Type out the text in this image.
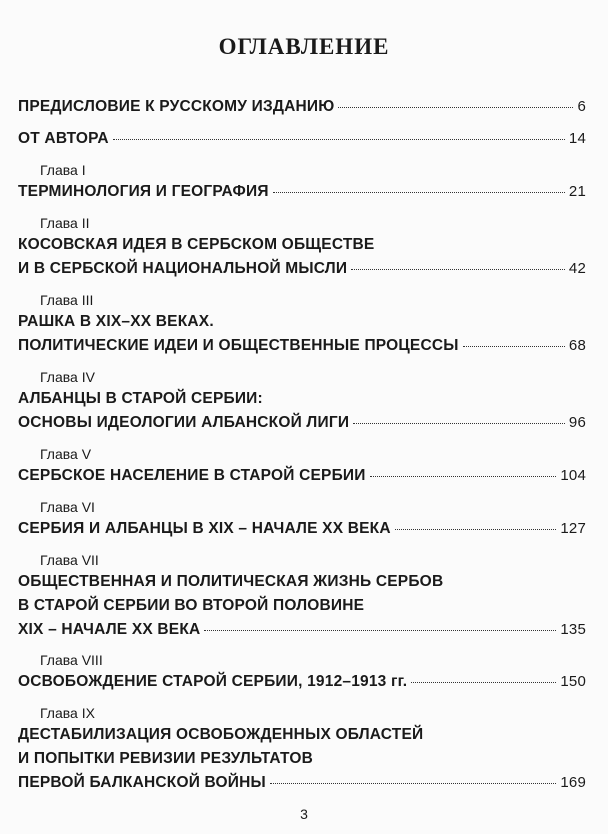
ОГЛАВЛЕНИЕ
ПРЕДИСЛОВИЕ К РУССКОМУ ИЗДАНИЮ	6
ОТ АВТОРА	14
Глава I
ТЕРМИНОЛОГИЯ И ГЕОГРАФИЯ	21
Глава II
КОСОВСКАЯ ИДЕЯ В СЕРБСКОМ ОБЩЕСТВЕ
И В СЕРБСКОЙ НАЦИОНАЛЬНОЙ МЫСЛИ	42
Глава III
РАШКА В XIX–XX ВЕКАХ.
ПОЛИТИЧЕСКИЕ ИДЕИ И ОБЩЕСТВЕННЫЕ ПРОЦЕССЫ	68
Глава IV
АЛБАНЦЫ В СТАРОЙ СЕРБИИ:
ОСНОВЫ ИДЕОЛОГИИ АЛБАНСКОЙ ЛИГИ	96
Глава V
СЕРБСКОЕ НАСЕЛЕНИЕ В СТАРОЙ СЕРБИИ	104
Глава VI
СЕРБИЯ И АЛБАНЦЫ В XIX – НАЧАЛЕ XX ВЕКА	127
Глава VII
ОБЩЕСТВЕННАЯ И ПОЛИТИЧЕСКАЯ ЖИЗНЬ СЕРБОВ
В СТАРОЙ СЕРБИИ ВО ВТОРОЙ ПОЛОВИНЕ
XIX – НАЧАЛЕ XX ВЕКА	135
Глава VIII
ОСВОБОЖДЕНИЕ СТАРОЙ СЕРБИИ, 1912–1913 гг.	150
Глава IX
ДЕСТАБИЛИЗАЦИЯ ОСВОБОЖДЕННЫХ ОБЛАСТЕЙ
И ПОПЫТКИ РЕВИЗИИ РЕЗУЛЬТАТОВ
ПЕРВОЙ БАЛКАНСКОЙ ВОЙНЫ	169
3
